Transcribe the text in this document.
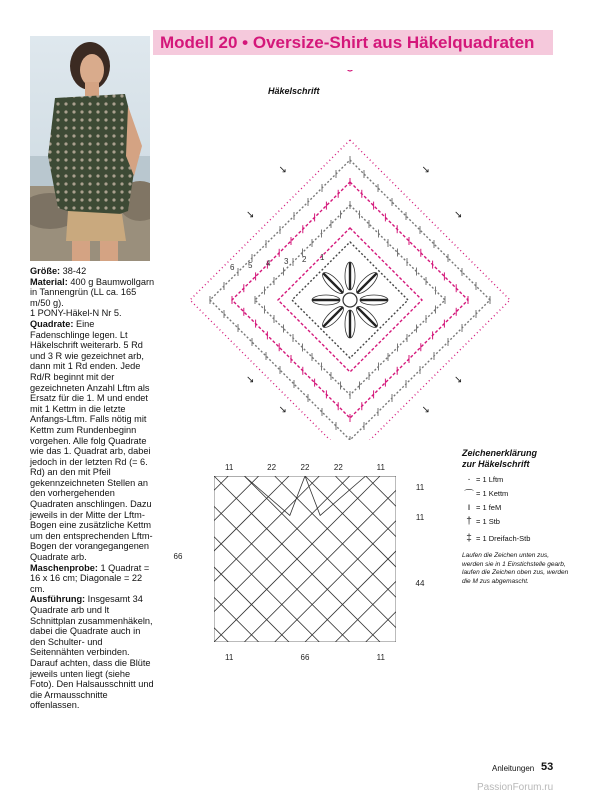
Modell 20 • Oversize-Shirt aus Häkelquadraten

Größe: 38-42

Material: 400 g Baumwollgarn in Tannengrün (LL ca. 165 m/50 g).

1 PONY-Häkel-N Nr 5.

Quadrate: Eine Fadenschlinge legen. Lt Häkelschrift weiterarb. 5 Rd und 3 R wie gezeichnet arb, dann mit 1 Rd enden. Jede Rd/R beginnt mit der gezeichneten Anzahl Lftm als Ersatz für die 1. M und endet mit 1 Kettm in die letzte Anfangs-Lftm. Falls nötig mit Kettm zum Rundenbeginn vorgehen. Alle folg Quadrate wie das 1. Quadrat arb, dabei jedoch in der letzten Rd (= 6. Rd) an den mit Pfeil gekennzeichneten Stellen an den vorhergehenden Quadraten anschlingen. Dazu jeweils in der Mitte der Lftm-Bogen eine zusätzliche Kettm um den entsprechenden Lftm-Bogen der vorangegangenen Quadrate arb.

Maschenprobe: 1 Quadrat = 16 x 16 cm; Diagonale = 22 cm.

Ausführung: Insgesamt 34 Quadrate arb und lt Schnittplan zusammenhäkeln, dabei die Quadrate auch in den Schulter- und Seitennähten verbinden. Darauf achten, dass die Blüte jeweils unten liegt (siehe Foto). Den Halsausschnitt und die Armausschnitte offenlassen.

Häkelschrift
↘	↘
↘
↘
↘
↘
↘
↘
1
2
3
4
5
6
11	22	22	22	11
11	66	11
11
11
44
66
Zeichenerklärung
zur Häkelschrift
· = 1 Lftm
⌒ = 1 Kettm
ı = 1 feM
† = 1 Stb
‡ = 1 Dreifach-Stb
Laufen die Zeichen unten zus, werden sie in 1 Einstichstelle gearb, laufen die Zeichen oben zus, werden die M zus abgemascht.
Anleitungen 53
PassionForum.ru
